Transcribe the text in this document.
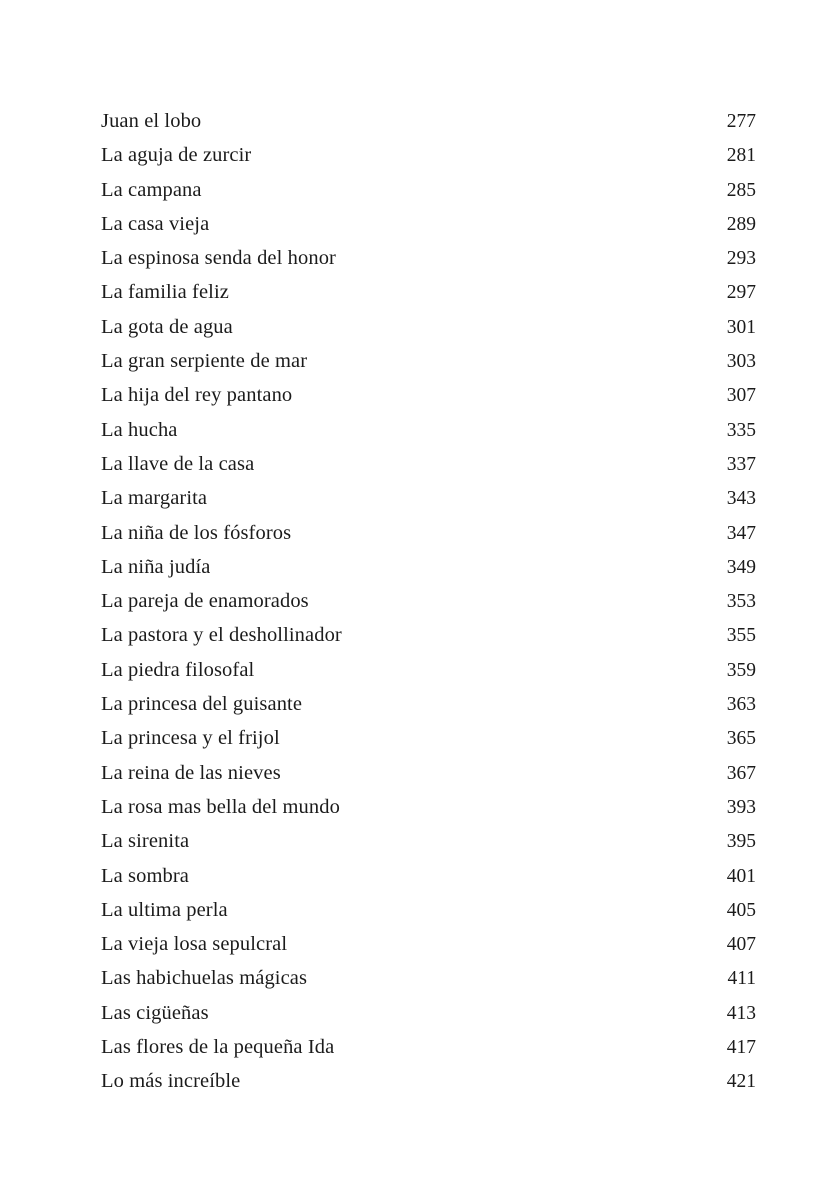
Juan el lobo	277
La aguja de zurcir	281
La campana	285
La casa vieja	289
La espinosa senda del honor	293
La familia feliz	297
La gota de agua	301
La gran serpiente de mar	303
La hija del rey pantano	307
La hucha	335
La llave de la casa	337
La margarita	343
La niña de los fósforos	347
La niña judía	349
La pareja de enamorados	353
La pastora y el deshollinador	355
La piedra filosofal	359
La princesa del guisante	363
La princesa y el frijol	365
La reina de las nieves	367
La rosa mas bella del mundo	393
La sirenita	395
La sombra	401
La ultima perla	405
La vieja losa sepulcral	407
Las habichuelas mágicas	411
Las cigüeñas	413
Las flores de la pequeña Ida	417
Lo más increíble	421
